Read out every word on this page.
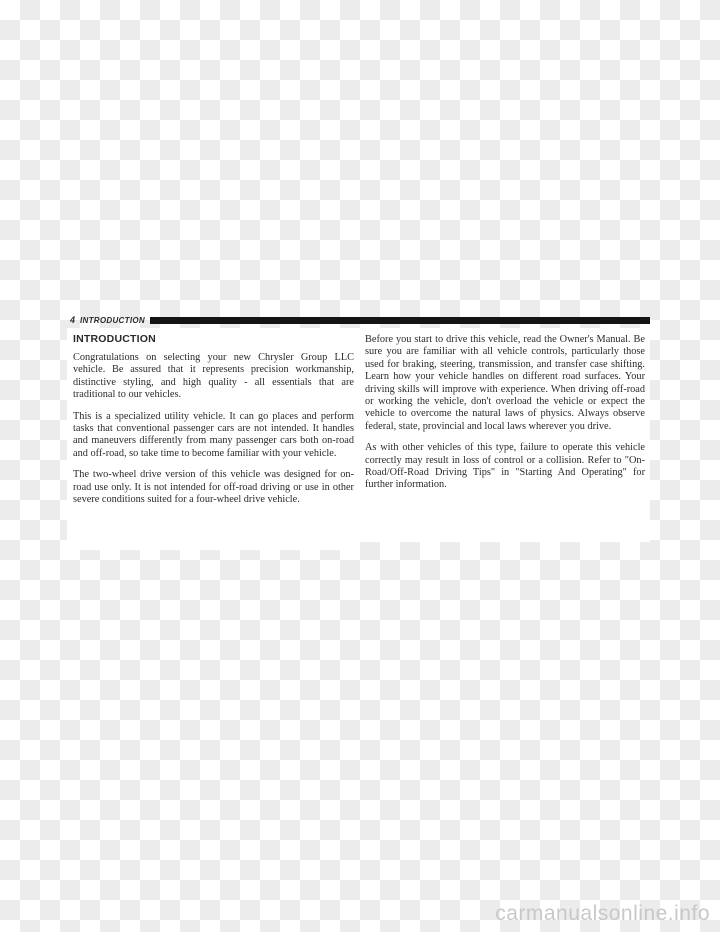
4 INTRODUCTION
INTRODUCTION

Congratulations on selecting your new Chrysler Group LLC vehicle. Be assured that it represents precision workmanship, distinctive styling, and high quality - all essentials that are traditional to our vehicles.

This is a specialized utility vehicle. It can go places and perform tasks that conventional passenger cars are not intended. It handles and maneuvers differently from many passenger cars both on-road and off-road, so take time to become familiar with your vehicle.

The two-wheel drive version of this vehicle was designed for on-road use only. It is not intended for off-road driving or use in other severe conditions suited for a four-wheel drive vehicle.

Before you start to drive this vehicle, read the Owner's Manual. Be sure you are familiar with all vehicle controls, particularly those used for braking, steering, transmission, and transfer case shifting. Learn how your vehicle handles on different road surfaces. Your driving skills will improve with experience. When driving off-road or working the vehicle, don't overload the vehicle or expect the vehicle to overcome the natural laws of physics. Always observe federal, state, provincial and local laws wherever you drive.

As with other vehicles of this type, failure to operate this vehicle correctly may result in loss of control or a collision. Refer to "On-Road/Off-Road Driving Tips" in "Starting And Operating" for further information.

carmanualsonline.info
